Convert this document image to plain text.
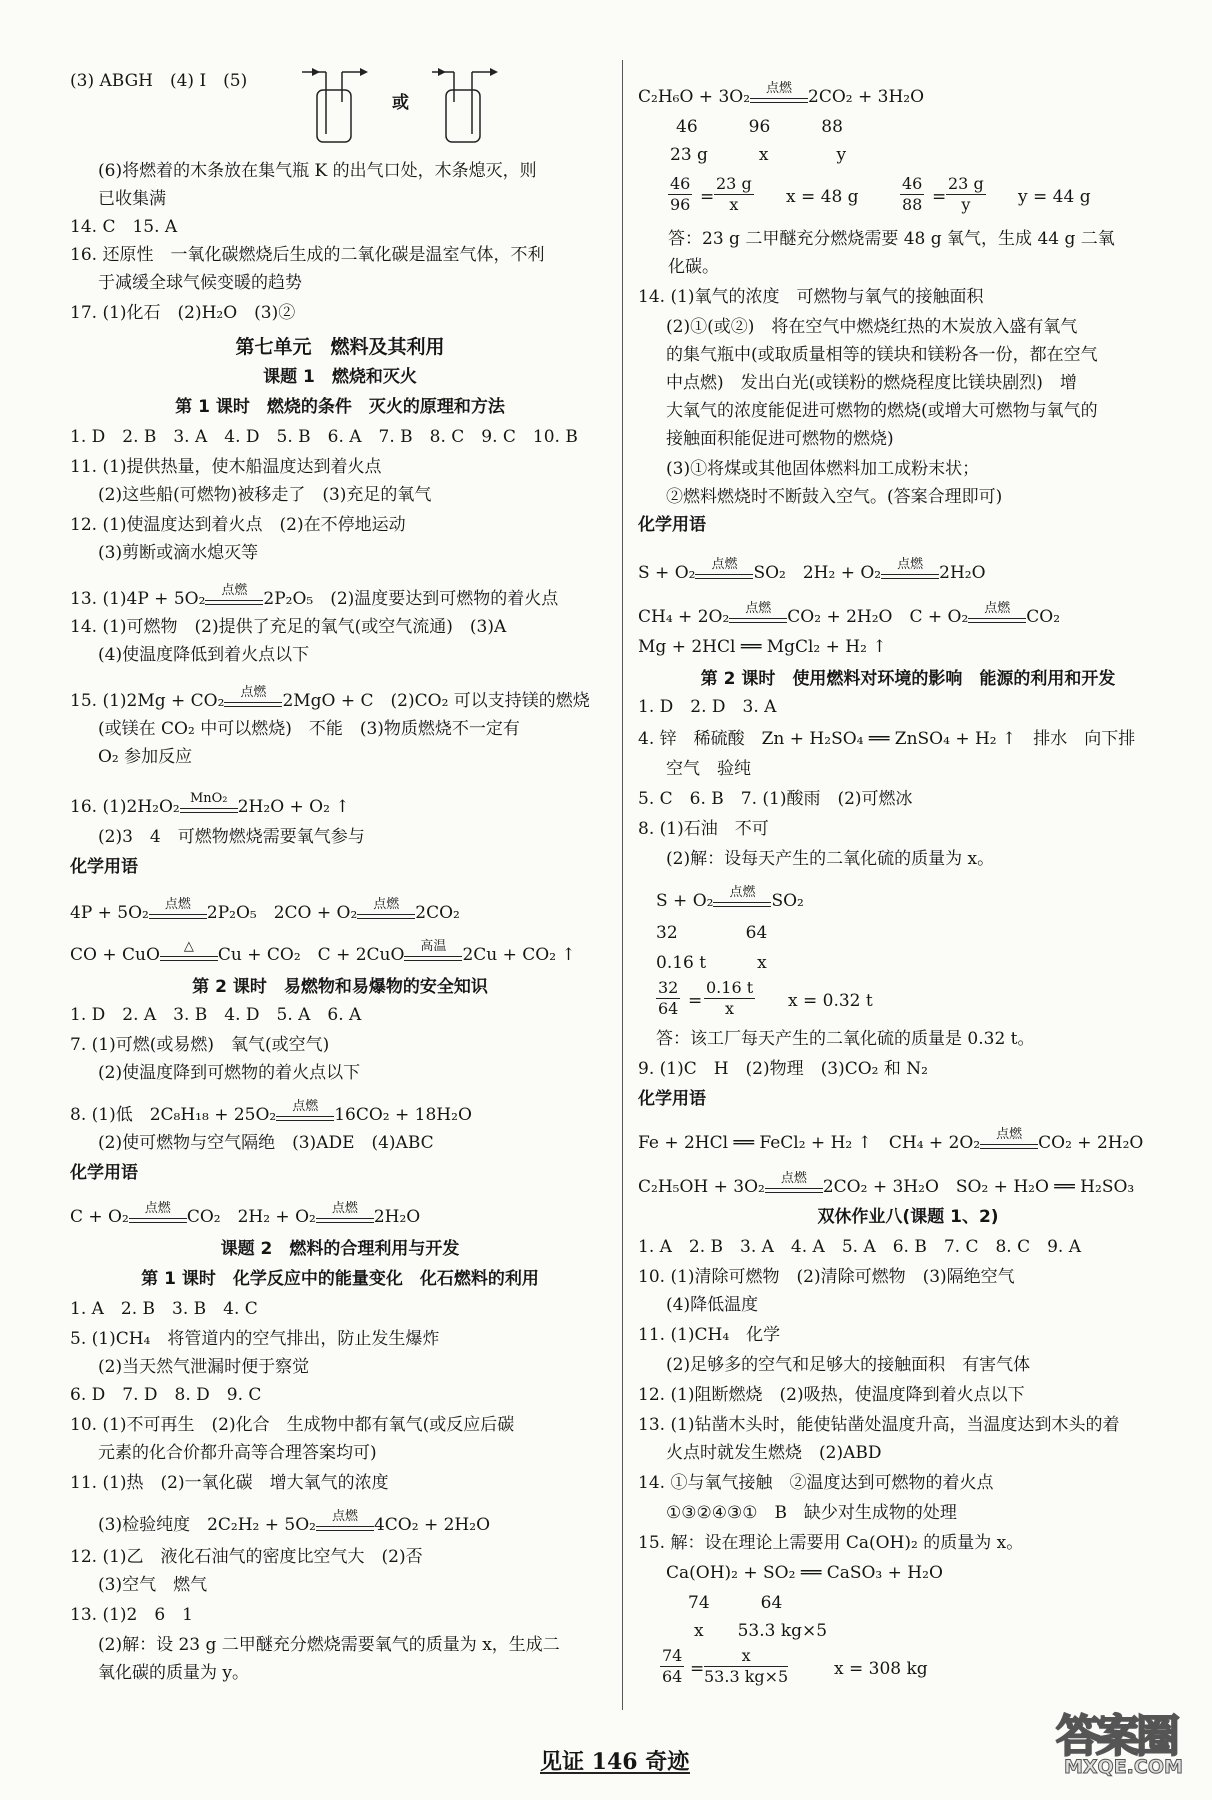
(3) ABGH　(4) I　(5)
或
(6)将燃着的木条放在集气瓶 K 的出气口处，木条熄灭，则
已收集满
14. C　15. A
16. 还原性　一氧化碳燃烧后生成的二氧化碳是温室气体，不利
于减缓全球气候变暖的趋势
17. (1)化石　(2)H₂O　(3)②
第七单元　燃料及其利用
课题 1　燃烧和灭火
第 1 课时　燃烧的条件　灭火的原理和方法
1. D　2. B　3. A　4. D　5. B　6. A　7. B　8. C　9. C　10. B
11. (1)提供热量，使木船温度达到着火点
(2)这些船(可燃物)被移走了　(3)充足的氧气
12. (1)使温度达到着火点　(2)在不停地运动
(3)剪断或滴水熄灭等
13. (1)4P + 5O₂	点燃 2P₂O₅　(2)温度要达到可燃物的着火点
14. (1)可燃物　(2)提供了充足的氧气(或空气流通)　(3)A
(4)使温度降低到着火点以下
15. (1)2Mg + CO₂	点燃 2MgO + C　(2)CO₂ 可以支持镁的燃烧
(或镁在 CO₂ 中可以燃烧)　不能　(3)物质燃烧不一定有
O₂ 参加反应
16. (1)2H₂O₂ MnO₂ 2H₂O + O₂ ↑
(2)3　4　可燃物燃烧需要氧气参与
化学用语
4P + 5O₂	点燃 2P₂O₅　2CO + O₂	点燃 2CO₂
CO + CuO	△	Cu + CO₂　C + 2CuO	高温 2Cu + CO₂ ↑
第 2 课时　易燃物和易爆物的安全知识
1. D　2. A　3. B　4. D　5. A　6. A
7. (1)可燃(或易燃)　氧气(或空气)
(2)使温度降到可燃物的着火点以下
8. (1)低　2C₈H₁₈ + 25O₂	点燃 16CO₂ + 18H₂O
(2)使可燃物与空气隔绝　(3)ADE　(4)ABC
化学用语
C + O₂	点燃 CO₂　2H₂ + O₂	点燃 2H₂O
课题 2　燃料的合理利用与开发
第 1 课时　化学反应中的能量变化　化石燃料的利用
1. A　2. B　3. B　4. C
5. (1)CH₄　将管道内的空气排出，防止发生爆炸
(2)当天然气泄漏时便于察觉
6. D　7. D　8. D　9. C
10. (1)不可再生　(2)化合　生成物中都有氧气(或反应后碳
元素的化合价都升高等合理答案均可)
11. (1)热　(2)一氧化碳　增大氧气的浓度
(3)检验纯度　2C₂H₂ + 5O₂	点燃 4CO₂ + 2H₂O
12. (1)乙　液化石油气的密度比空气大　(2)否
(3)空气　燃气
13. (1)2　6　1
(2)解：设 23 g 二甲醚充分燃烧需要氧气的质量为 x，生成二
氧化碳的质量为 y。
C₂H₆O + 3O₂	点燃 2CO₂ + 3H₂O
46　　　96　　　88
23 g　　　x　　　　y
$\frac{46}{96} = \frac{23 g}{x}$ x = 48 g	$\frac{46}{88} = \frac{23 g}{y}$ y = 44 g
答：23 g 二甲醚充分燃烧需要 48 g 氧气，生成 44 g 二氧
化碳。
14. (1)氧气的浓度　可燃物与氧气的接触面积
(2)①(或②)　将在空气中燃烧红热的木炭放入盛有氧气
的集气瓶中(或取质量相等的镁块和镁粉各一份，都在空气
中点燃)　发出白光(或镁粉的燃烧程度比镁块剧烈)　增
大氧气的浓度能促进可燃物的燃烧(或增大可燃物与氧气的
接触面积能促进可燃物的燃烧)
(3)①将煤或其他固体燃料加工成粉末状；
②燃料燃烧时不断鼓入空气。(答案合理即可)
化学用语
S + O₂	点燃 SO₂　2H₂ + O₂	点燃 2H₂O
CH₄ + 2O₂	点燃 CO₂ + 2H₂O　C + O₂	点燃 CO₂
Mg + 2HCl ══ MgCl₂ + H₂ ↑
第 2 课时　使用燃料对环境的影响　能源的利用和开发
1. D　2. D　3. A
4. 锌　稀硫酸　Zn + H₂SO₄ ══ ZnSO₄ + H₂ ↑　排水　向下排
空气　验纯
5. C　6. B　7. (1)酸雨　(2)可燃冰
8. (1)石油　不可
(2)解：设每天产生的二氧化硫的质量为 x。
S + O₂	点燃 SO₂
32　　　　64
0.16 t　　　x
$\frac{32}{64} = \frac{0.16 t}{x}$ x = 0.32 t
答：该工厂每天产生的二氧化硫的质量是 0.32 t。
9. (1)C　H　(2)物理　(3)CO₂ 和 N₂
化学用语
Fe + 2HCl ══ FeCl₂ + H₂ ↑　CH₄ + 2O₂	点燃 CO₂ + 2H₂O
C₂H₅OH + 3O₂	点燃 2CO₂ + 3H₂O　SO₂ + H₂O ══ H₂SO₃
双休作业八(课题 1、2)
1. A　2. B　3. A　4. A　5. A　6. B　7. C　8. C　9. A
10. (1)清除可燃物　(2)清除可燃物　(3)隔绝空气
(4)降低温度
11. (1)CH₄　化学
(2)足够多的空气和足够大的接触面积　有害气体
12. (1)阻断燃烧　(2)吸热，使温度降到着火点以下
13. (1)钻凿木头时，能使钻凿处温度升高，当温度达到木头的着
火点时就发生燃烧　(2)ABD
14. ①与氧气接触　②温度达到可燃物的着火点
①③②④③①　B　缺少对生成物的处理
15. 解：设在理论上需要用 Ca(OH)₂ 的质量为 x。
Ca(OH)₂ + SO₂ ══ CaSO₃ + H₂O
74　　　64
x　　53.3 kg×5
$\frac{74}{64} = \frac{x}{53.3 kg\times 5}$	x = 308 kg
见证 146 奇迹	答案圈
MXQE.COM
